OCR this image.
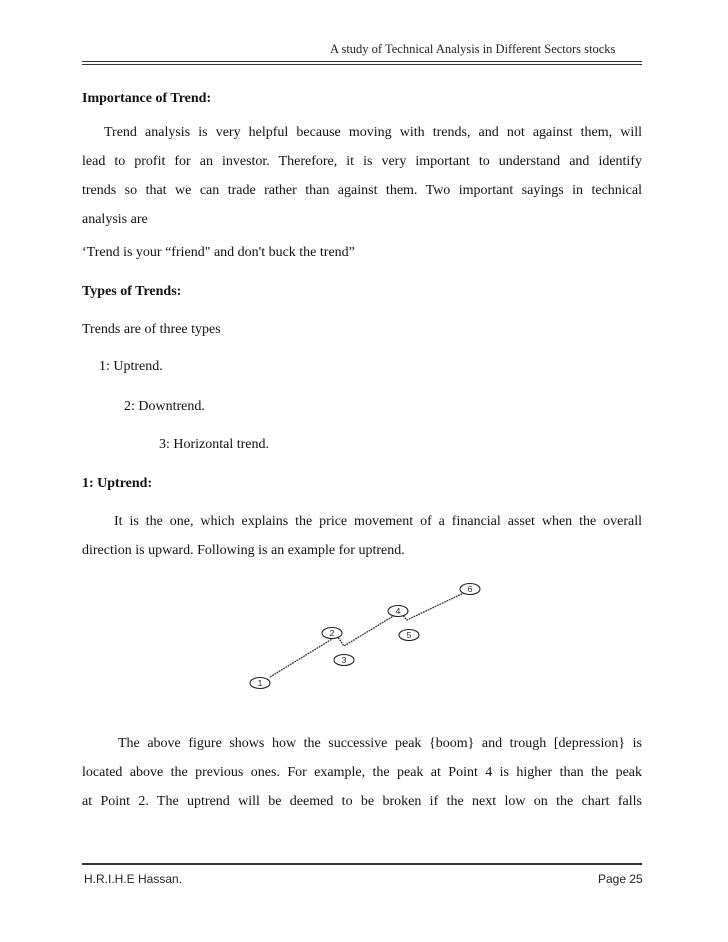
A study of Technical Analysis in Different Sectors stocks
Importance of Trend:
Trend analysis is very helpful because moving with trends, and not against them, will
lead to profit for an investor. Therefore, it is very important to understand and identify
trends so that we can trade rather than against them. Two important sayings in technical
analysis are
‘Trend is your “friend" and don't buck the trend”
Types of Trends:
Trends are of three types
1: Uptrend.
2: Downtrend.
3: Horizontal trend.
1: Uptrend:
It is the one, which explains the price movement of a financial asset when the overall
direction is upward. Following is an example for uptrend.
1
2
3
4
5
6
The above figure shows how the successive peak {boom} and trough [depression} is
located above the previous ones. For example, the peak at Point 4 is higher than the peak
at Point 2. The uptrend will be deemed to be broken if the next low on the chart falls
H.R.I.H.E Hassan.	Page 25
